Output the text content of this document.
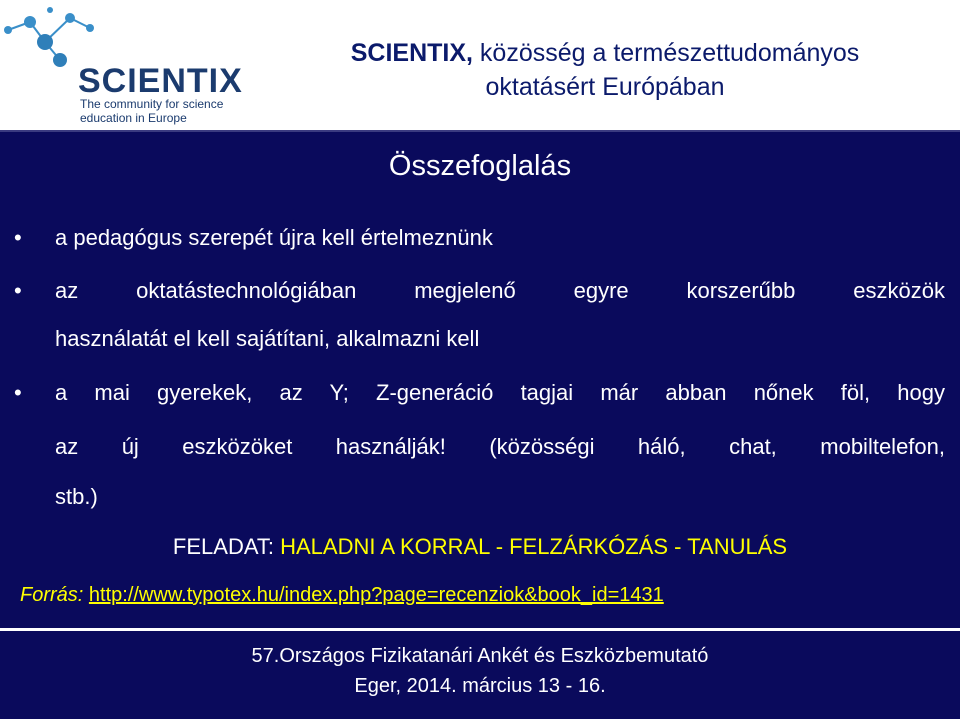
SCIENTIX
The community for science
education in Europe
SCIENTIX, közösség a természettudományos
oktatásért Európában
Összefoglalás
• a pedagógus szerepét újra kell értelmeznünk
• az oktatástechnológiában megjelenő egyre korszerűbb eszközök
használatát el kell sajátítani, alkalmazni kell
• a mai gyerekek, az Y; Z-generáció tagjai már abban nőnek föl, hogy
az új eszközöket használják! (közösségi háló, chat, mobiltelefon,
stb.)
FELADAT: HALADNI A KORRAL - FELZÁRKÓZÁS - TANULÁS
Forrás: http://www.typotex.hu/index.php?page=recenziok&book_id=1431
57.Országos Fizikatanári Ankét és Eszközbemutató
Eger, 2014. március 13 - 16.
